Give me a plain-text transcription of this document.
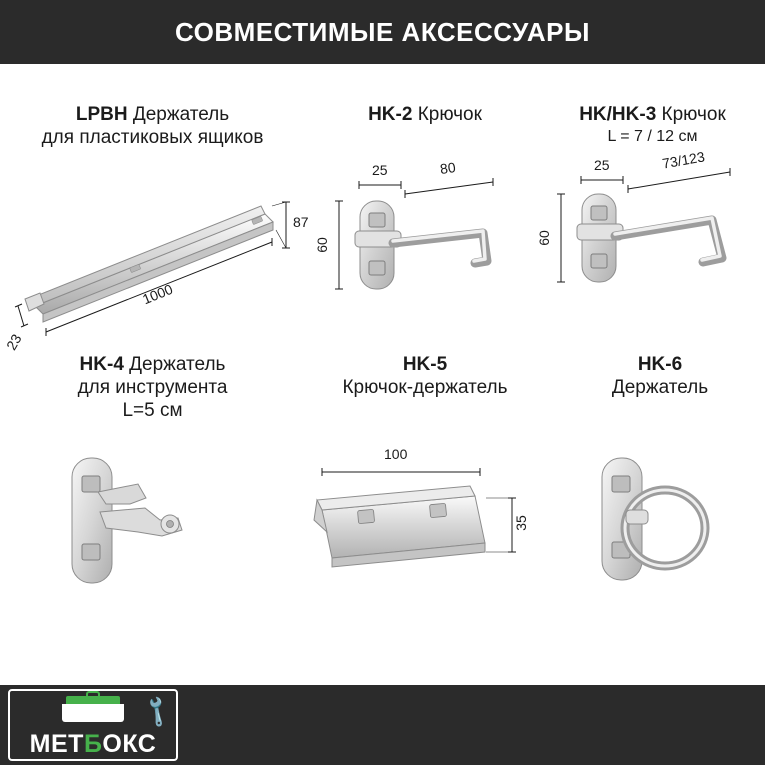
СОВМЕСТИМЫЕ АКСЕССУАРЫ
LPBH Держатель
для пластиковых ящиков
87
1000
23
HK-2 Крючок
25	80
60
HK/HK-3 Крючок
L = 7 / 12 см
25	73/123
60
HK-4 Держатель
для инструмента
L=5 см
HK-5
Крючок-держатель
100
35
HK-6
Держатель
🔧
МЕТБОКС
